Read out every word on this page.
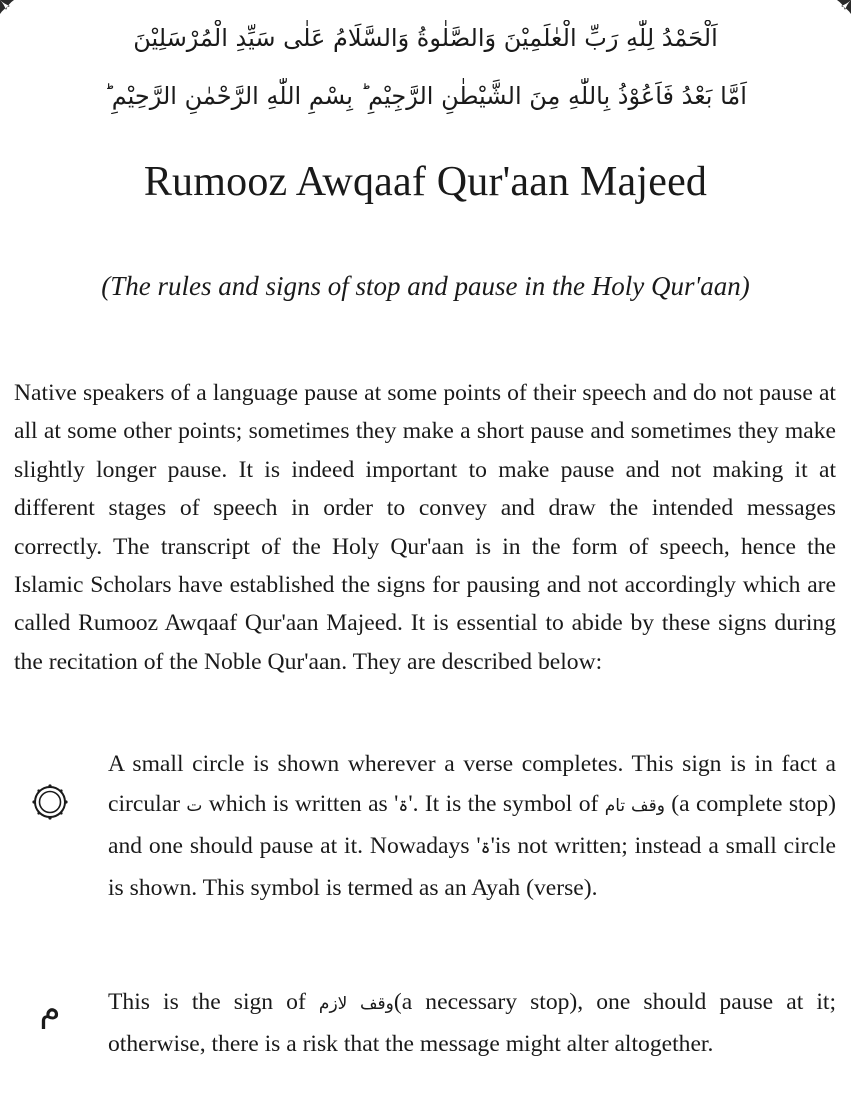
اَلْحَمْدُ لِلّٰهِ رَبِّ الْعٰلَمِيْنَ وَالصَّلٰوةُ وَالسَّلَامُ عَلٰى سَيِّدِ الْمُرْسَلِيْنَ
اَمَّا بَعْدُ فَاَعُوْذُ بِاللّٰهِ مِنَ الشَّيْطٰنِ الرَّجِيْمِ ؕ بِسْمِ اللّٰهِ الرَّحْمٰنِ الرَّحِيْمِ ؕ
Rumooz Awqaaf Qur'aan Majeed
(The rules and signs of stop and pause in the Holy Qur'aan)

Native speakers of a language pause at some points of their speech and do not pause at all at some other points; sometimes they make a short pause and sometimes they make slightly longer pause. It is indeed important to make pause and not making it at different stages of speech in order to convey and draw the intended messages correctly. The transcript of the Holy Qur'aan is in the form of speech, hence the Islamic Scholars have established the signs for pausing and not accordingly which are called Rumooz Awqaaf Qur'aan Majeed. It is essential to abide by these signs during the recitation of the Noble Qur'aan. They are described below:

A small circle is shown wherever a verse completes. This sign is in fact a circular ت which is written as 'ۃ'. It is the symbol of وقف تام (a complete stop) and one should pause at it. Nowadays 'ۃ'is not written; instead a small circle is shown. This symbol is termed as an Ayah (verse).

م	This is the sign of وقف لازم(a necessary stop), one should pause at it; otherwise, there is a risk that the message might alter altogether.
